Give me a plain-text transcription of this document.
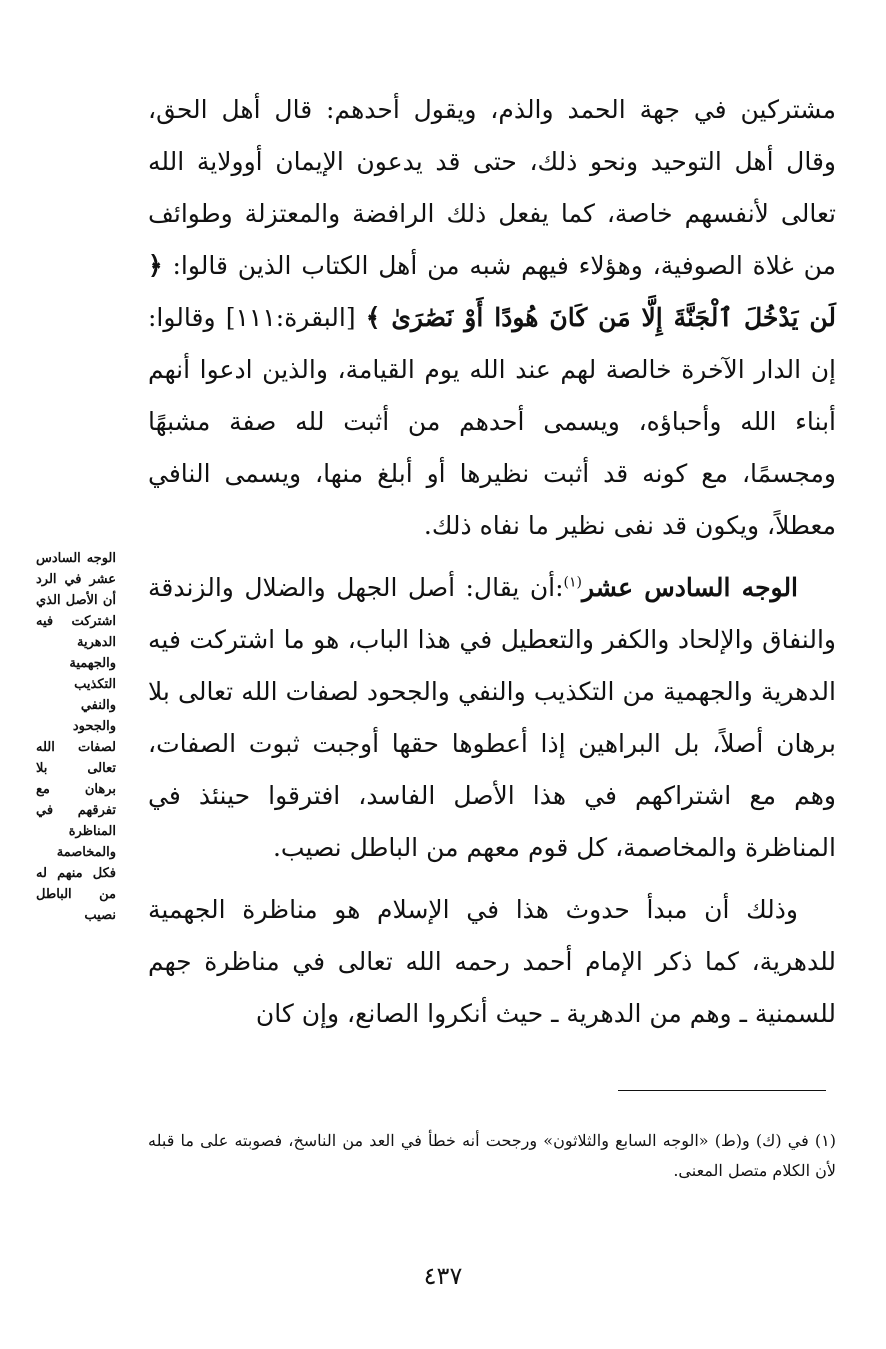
مشتركين في جهة الحمد والذم، ويقول أحدهم: قال أهل الحق، وقال أهل التوحيد ونحو ذلك، حتى قد يدعون الإيمان أوولاية الله تعالى لأنفسهم خاصة، كما يفعل ذلك الرافضة والمعتزلة وطوائف من غلاة الصوفية، وهؤلاء فيهم شبه من أهل الكتاب الذين قالوا: ﴿ لَن يَدْخُلَ ٱلْجَنَّةَ إِلَّا مَن كَانَ هُودًا أَوْ نَصَٰرَىٰ ﴾ [البقرة:١١١] وقالوا: إن الدار الآخرة خالصة لهم عند الله يوم القيامة، والذين ادعوا أنهم أبناء الله وأحباؤه، ويسمى أحدهم من أثبت لله صفة مشبهًا ومجسمًا، مع كونه قد أثبت نظيرها أو أبلغ منها، ويسمى النافي معطلاً، ويكون قد نفى نظير ما نفاه ذلك.

الوجه السادس عشر$^{(١)}$:أن يقال: أصل الجهل والضلال والزندقة والنفاق والإلحاد والكفر والتعطيل في هذا الباب، هو ما اشتركت فيه الدهرية والجهمية من التكذيب والنفي والجحود لصفات الله تعالى بلا برهان أصلاً، بل البراهين إذا أعطوها حقها أوجبت ثبوت الصفات، وهم مع اشتراكهم في هذا الأصل الفاسد، افترقوا حينئذ في المناظرة والمخاصمة، كل قوم معهم من الباطل نصيب.

وذلك أن مبدأ حدوث هذا في الإسلام هو مناظرة الجهمية للدهرية، كما ذكر الإمام أحمد رحمه الله تعالى في مناظرة جهم للسمنية ـ وهم من الدهرية ـ حيث أنكروا الصانع، وإن كان

الوجه السادس عشر في الرد أن الأصل الذي اشتركت فيه الدهرية والجهمية التكذيب والنفي والجحود لصفات الله تعالى بلا برهان مع تفرقهم في المناظرة والمخاصمة فكل منهم له من الباطل نصيب

(١) في (ك) و(ط) «الوجه السابع والثلاثون» ورجحت أنه خطأ في العد من الناسخ، فصوبته على ما قبله لأن الكلام متصل المعنى.

٤٣٧
